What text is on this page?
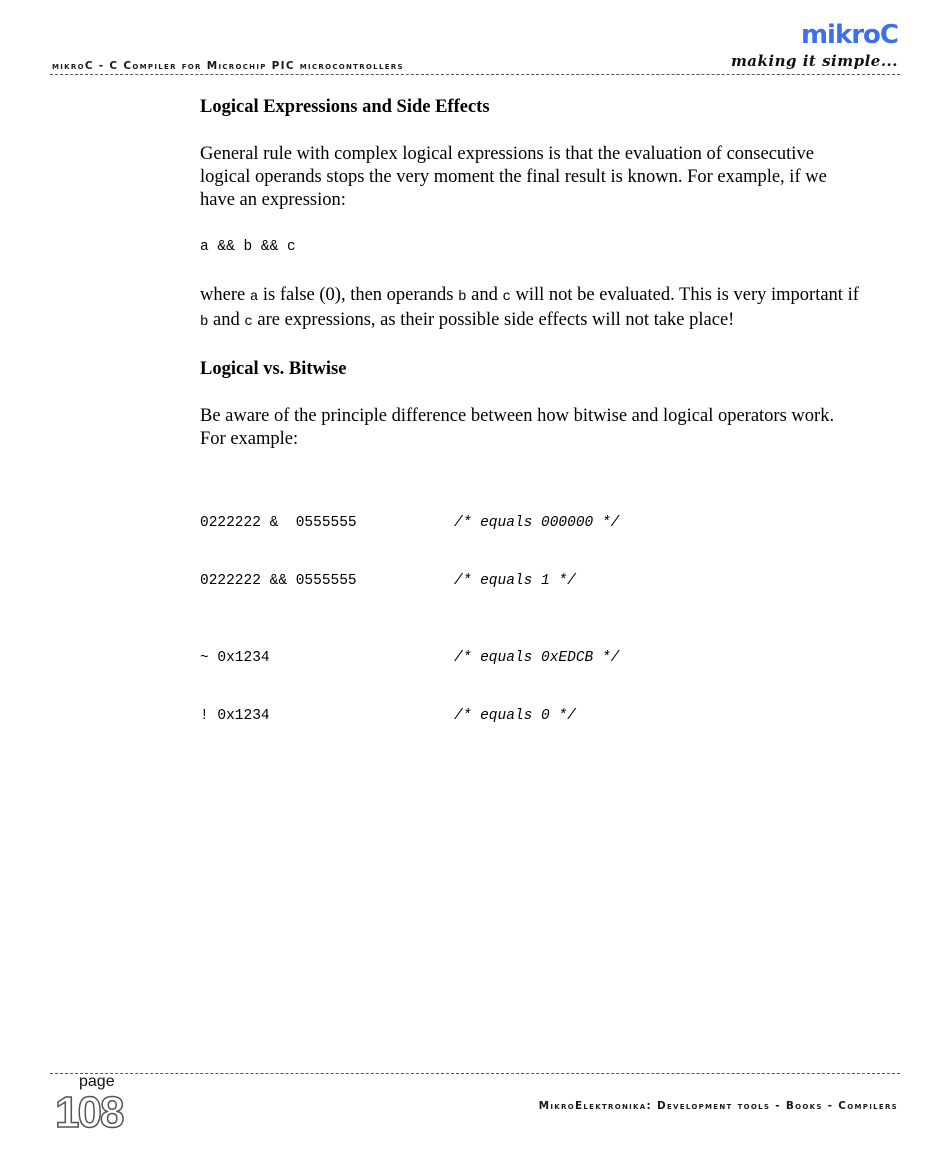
mikroC - C Compiler for Microchip PIC microcontrollers
mikroC
making it simple...
Logical Expressions and Side Effects

General rule with complex logical expressions is that the evaluation of consecutive logical operands stops the very moment the final result is known. For example, if we have an expression:

a && b && c

where a is false (0), then operands b and c will not be evaluated. This is very important if b and c are expressions, as their possible side effects will not take place!

Logical vs. Bitwise

Be aware of the principle difference between how bitwise and logical operators work. For example:

0222222 &  0555555	/* equals 000000 */

0222222 && 0555555	/* equals 1 */

~ 0x1234	/* equals 0xEDCB */

! 0x1234	/* equals 0 */

page
108	MikroElektronika: Development tools - Books - Compilers
